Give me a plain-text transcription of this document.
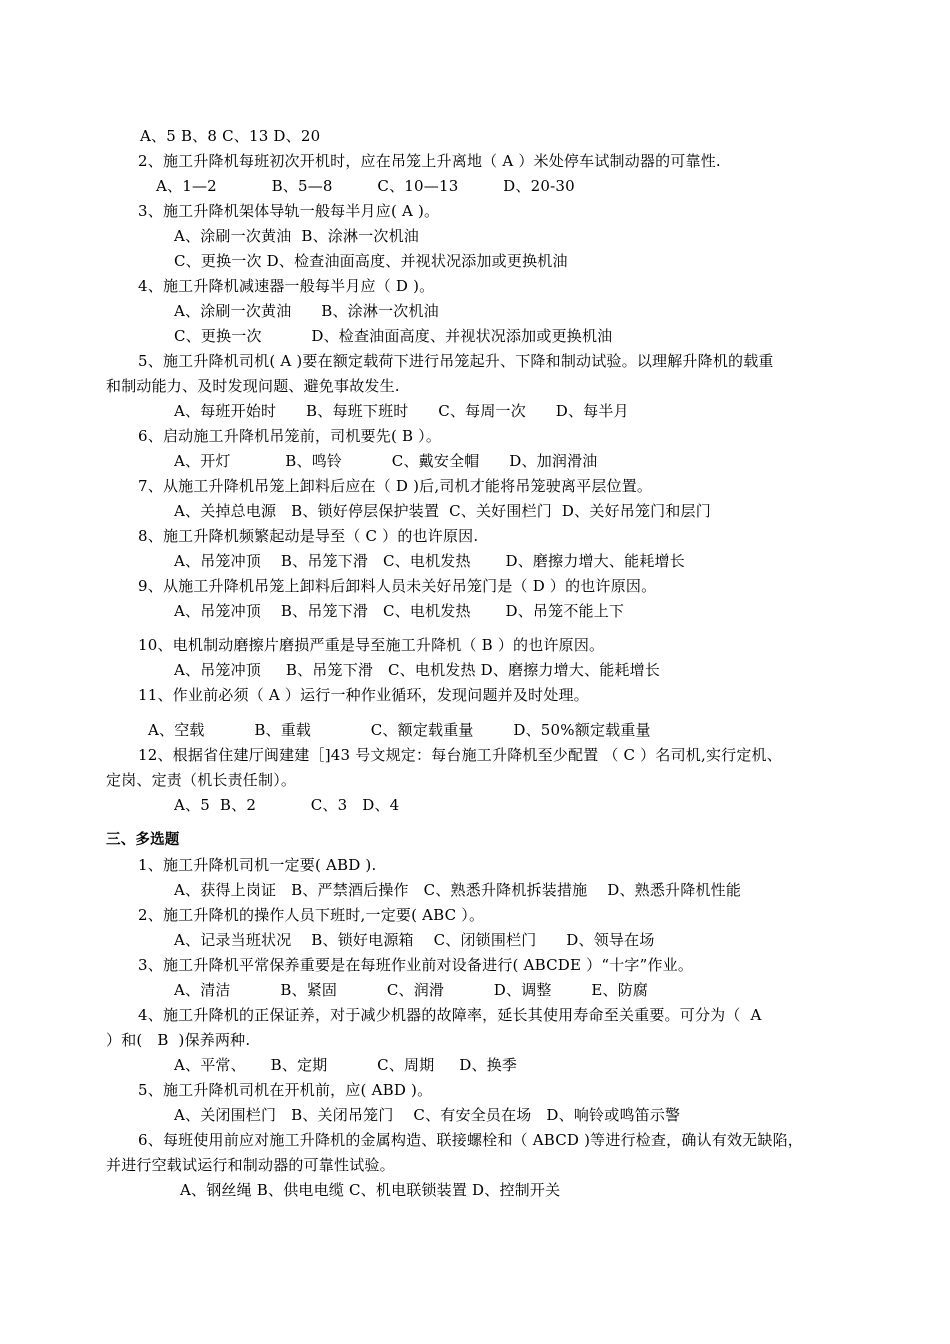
A、5 B、8 C、13 D、20
2、施工升降机每班初次开机时，应在吊笼上升离地（ A ）米处停车试制动器的可靠性.
A、1—2           B、5—8         C、10—13         D、20-30
3、施工升降机架体导轨一般每半月应( A )。
A、涂刷一次黄油  B、涂淋一次机油
C、更换一次 D、检查油面高度、并视状况添加或更换机油
4、施工升降机减速器一般每半月应（ D )。
A、涂刷一次黄油      B、涂淋一次机油
C、更换一次          D、检查油面高度、并视状况添加或更换机油
5、施工升降机司机( A )要在额定载荷下进行吊笼起升、下降和制动试验。以理解升降机的载重
和制动能力、及时发现问题、避免事故发生.
A、每班开始时      B、每班下班时      C、每周一次      D、每半月
6、启动施工升降机吊笼前，司机要先( B ）。
A、开灯           B、鸣铃          C、戴安全帽      D、加润滑油
7、从施工升降机吊笼上卸料后应在（ D )后,司机才能将吊笼驶离平层位置。
A、关掉总电源   B、锁好停层保护装置  C、关好围栏门  D、关好吊笼门和层门
8、施工升降机频繁起动是导至（ C ）的也许原因.
A、吊笼冲顶    B、吊笼下滑   C、电机发热       D、磨擦力增大、能耗增长
9、从施工升降机吊笼上卸料后卸料人员未关好吊笼门是（ D ）的也许原因。
A、吊笼冲顶    B、吊笼下滑   C、电机发热       D、吊笼不能上下
10、电机制动磨擦片磨损严重是导至施工升降机（ B ）的也许原因。
A、吊笼冲顶     B、吊笼下滑   C、电机发热 D、磨擦力增大、能耗增长
11、作业前必须（ A ）运行一种作业循环，发现问题并及时处理。
A、空载          B、重载            C、额定载重量        D、50%额定载重量
12、根据省住建厅闽建建［]43 号文规定：每台施工升降机至少配置 （ C ）名司机,实行定机、
定岗、定责（机长责任制）。
A、5  B、2           C、3   D、4
三、多选题
1、施工升降机司机一定要( ABD ).
A、获得上岗证   B、严禁酒后操作   C、熟悉升降机拆装措施    D、熟悉升降机性能
2、施工升降机的操作人员下班时,一定要( ABC ）。
A、记录当班状况    B、锁好电源箱    C、闭锁围栏门      D、领导在场
3、施工升降机平常保养重要是在每班作业前对设备进行( ABCDE ）“十字”作业。
A、清洁          B、紧固          C、润滑          D、调整        E、防腐
4、施工升降机的正保证养，对于减少机器的故障率，延长其使用寿命至关重要。可分为（  A
）和(   B  )保养两种.
A、平常、     B、定期          C、周期     D、换季
5、施工升降机司机在开机前，应( ABD )。
A、关闭围栏门   B、关闭吊笼门    C、有安全员在场   D、响铃或鸣笛示警
6、每班使用前应对施工升降机的金属构造、联接螺栓和（ ABCD )等进行检查，确认有效无缺陷，
并进行空载试运行和制动器的可靠性试验。
A、钢丝绳 B、供电电缆 C、机电联锁装置 D、控制开关
